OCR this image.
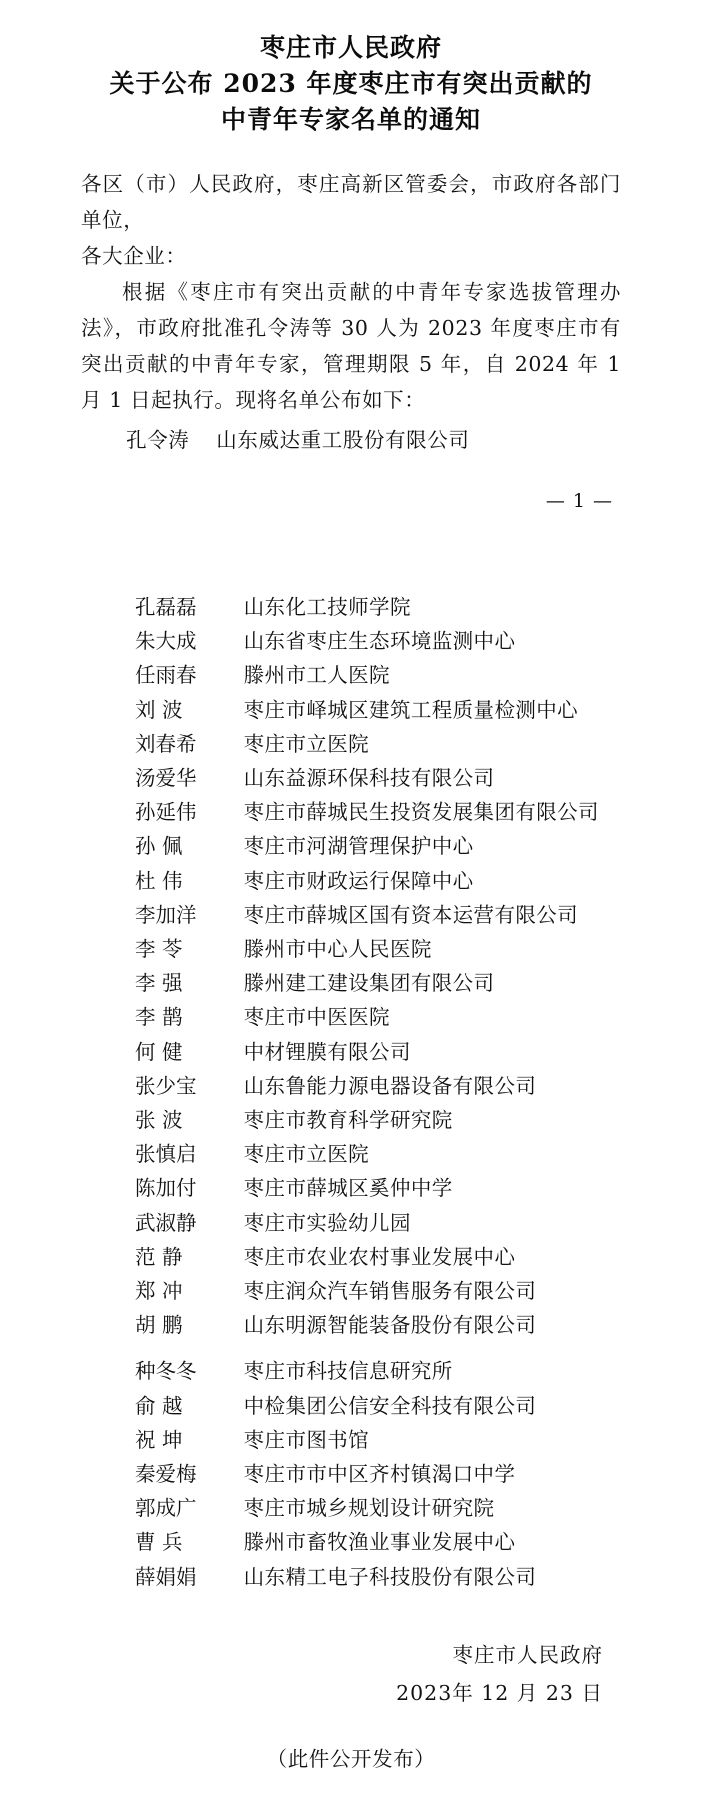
枣庄市人民政府
关于公布 2023 年度枣庄市有突出贡献的
中青年专家名单的通知
各区（市）人民政府，枣庄高新区管委会，市政府各部门单位，
各大企业：
根据《枣庄市有突出贡献的中青年专家选拔管理办法》，市政府批准孔令涛等 30 人为 2023 年度枣庄市有突出贡献的中青年专家，管理期限 5 年，自 2024 年 1 月 1 日起执行。现将名单公布如下：
孔令涛 山东威达重工股份有限公司
— 1 —
孔磊磊 山东化工技师学院
朱大成 山东省枣庄生态环境监测中心
任雨春 滕州市工人医院
刘 波	枣庄市峄城区建筑工程质量检测中心
刘春希 枣庄市立医院
汤爱华 山东益源环保科技有限公司
孙延伟 枣庄市薛城民生投资发展集团有限公司
孙 佩	枣庄市河湖管理保护中心
杜 伟	枣庄市财政运行保障中心
李加洋 枣庄市薛城区国有资本运营有限公司
李 苓	滕州市中心人民医院
李 强	滕州建工建设集团有限公司
李 鹊	枣庄市中医医院
何 健	中材锂膜有限公司
张少宝 山东鲁能力源电器设备有限公司
张 波	枣庄市教育科学研究院
张慎启 枣庄市立医院
陈加付 枣庄市薛城区奚仲中学
武淑静 枣庄市实验幼儿园
范 静	枣庄市农业农村事业发展中心
郑 冲	枣庄润众汽车销售服务有限公司
胡 鹏	山东明源智能装备股份有限公司
种冬冬 枣庄市科技信息研究所
俞 越	中检集团公信安全科技有限公司
祝 坤	枣庄市图书馆
秦爱梅 枣庄市市中区齐村镇渴口中学
郭成广 枣庄市城乡规划设计研究院
曹 兵	滕州市畜牧渔业事业发展中心
薛娟娟 山东精工电子科技股份有限公司
枣庄市人民政府
2023年 12 月 23 日
（此件公开发布）
